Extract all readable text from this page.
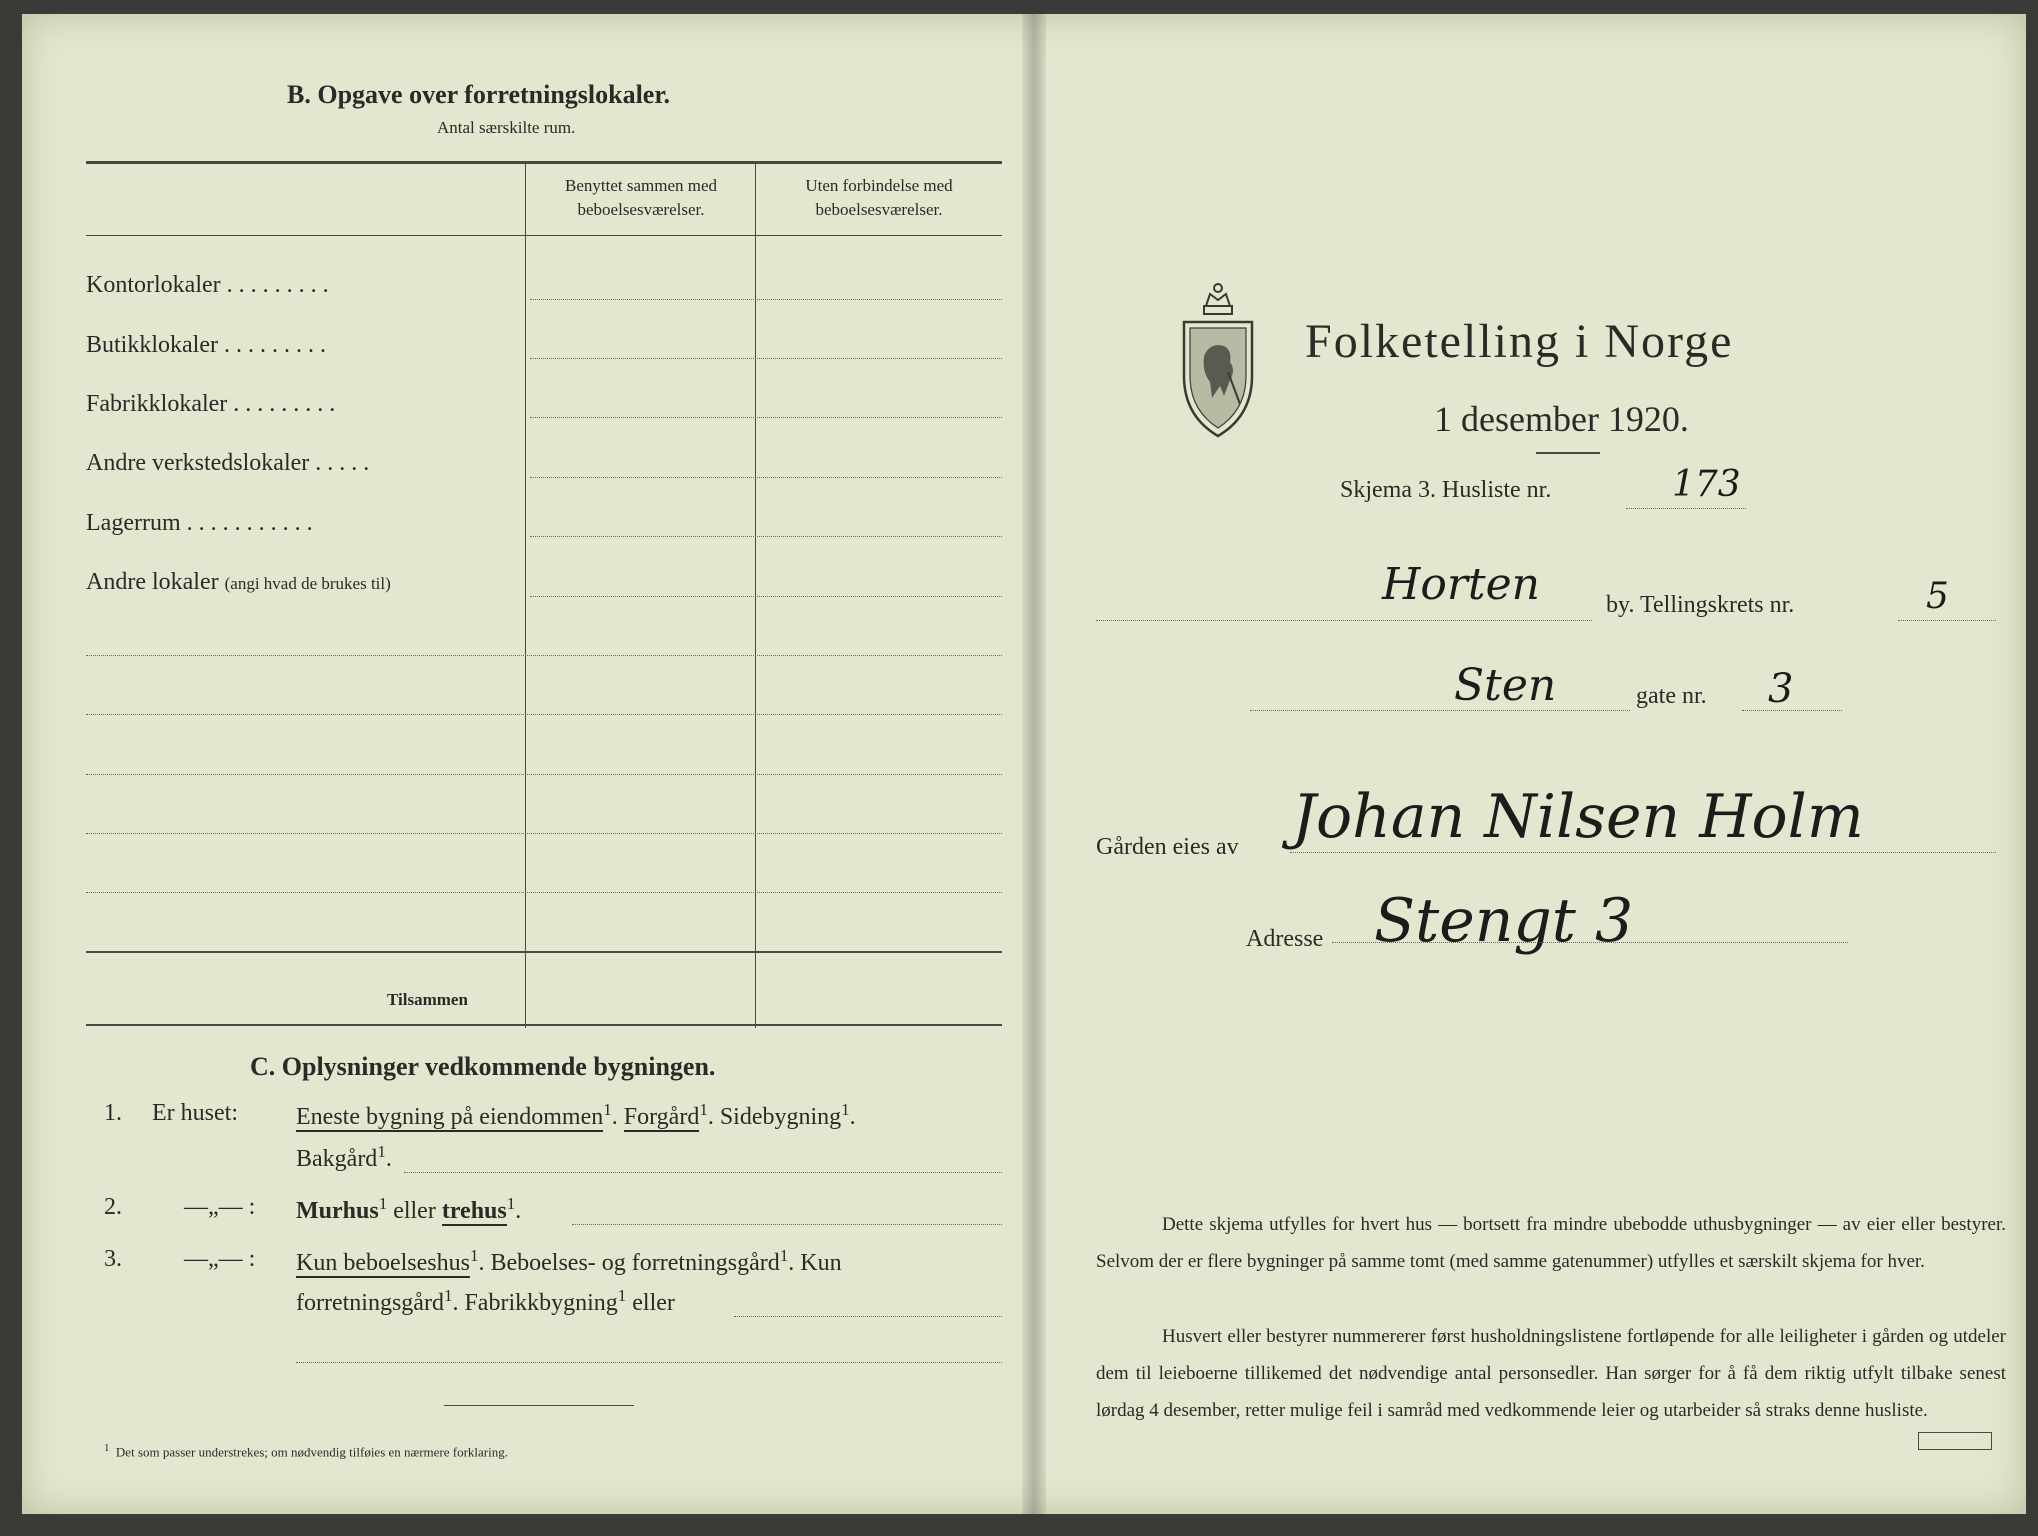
B. Opgave over forretningslokaler.
Antal særskilte rum.
Benyttet sammen med
beboelsesværelser.
Uten forbindelse med
beboelsesværelser.
Kontorlokaler . . . . . . . . .
Butikklokaler . . . . . . . . .
Fabrikklokaler . . . . . . . . .
Andre verkstedslokaler . . . . .
Lagerrum . . . . . . . . . . .
Andre lokaler (angi hvad de brukes til)
Tilsammen
C. Oplysninger vedkommende bygningen.
1. Er huset: Eneste bygning på eiendommen$^1$. Forgård$^1$. Sidebygning$^1$.
Bakgård$^1$.
2.	—„— : Murhus$^1$ eller trehus$^1$.
3.	—„— : Kun beboelseshus$^1$. Beboelses- og forretningsgård$^1$. Kun
forretningsgård$^1$. Fabrikkbygning$^1$ eller
$^1$ Det som passer understrekes; om nødvendig tilføies en nærmere forklaring.
Folketelling i Norge
1 desember 1920.
Skjema 3. Husliste nr.	173
Horten	by. Tellingskrets nr.	5
Sten	gate nr. 3
Gården eies av Johan Nilsen Holm
Adresse Stengt 3
Dette skjema utfylles for hvert hus — bortsett fra mindre ubebodde uthusbygninger — av eier eller bestyrer. Selvom der er flere bygninger på samme tomt (med samme gatenummer) utfylles et særskilt skjema for hver.
Husvert eller bestyrer nummererer først husholdningslistene fortløpende for alle leiligheter i gården og utdeler dem til leieboerne tillikemed det nødvendige antal personsedler. Han sørger for å få dem riktig utfylt tilbake senest lørdag 4 desember, retter mulige feil i samråd med vedkommende leier og utarbeider så straks denne husliste.
